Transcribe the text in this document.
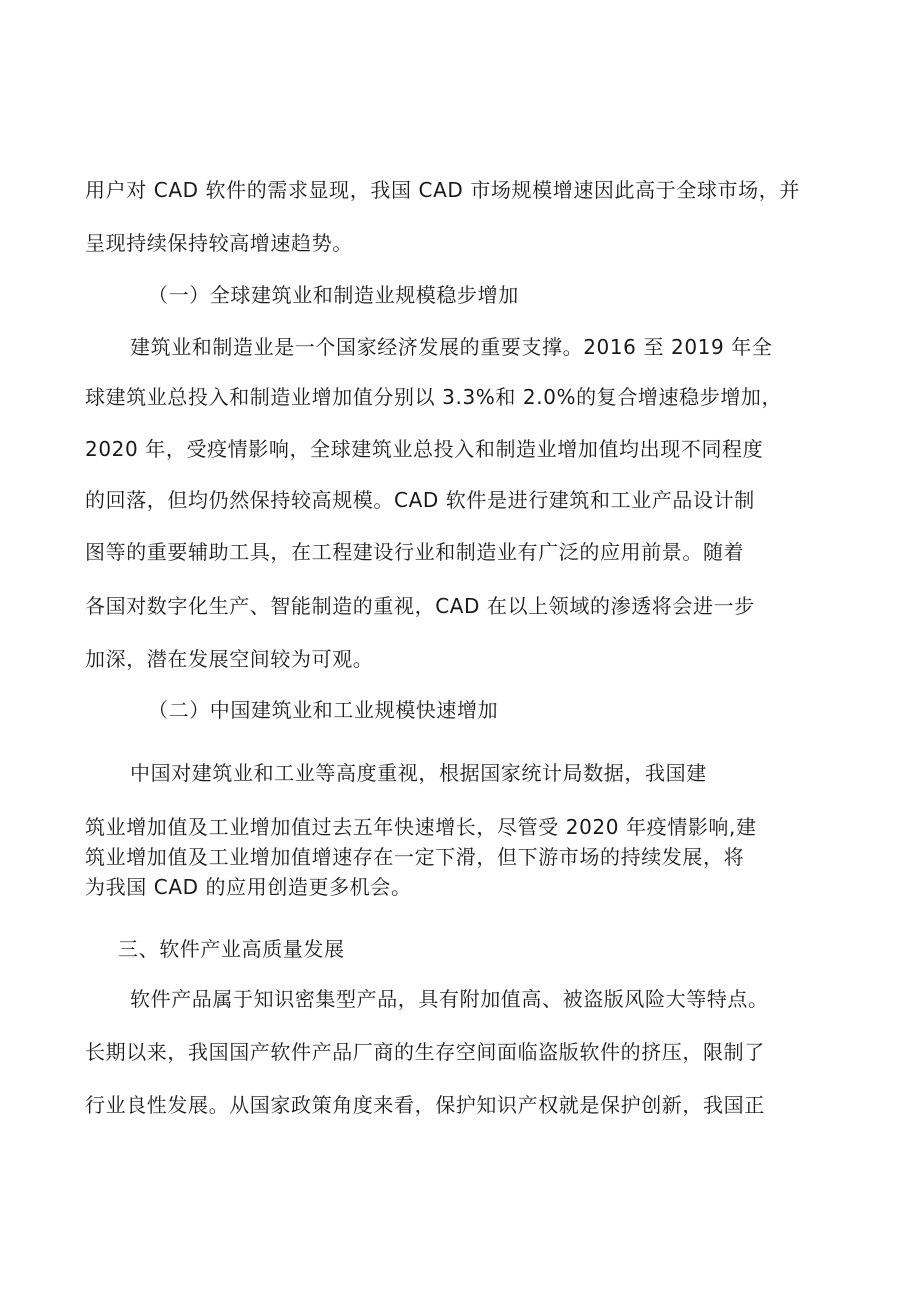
用户对 CAD 软件的需求显现，我国 CAD 市场规模增速因此高于全球市场，并
呈现持续保持较高增速趋势。
（一）全球建筑业和制造业规模稳步增加
建筑业和制造业是一个国家经济发展的重要支撑。2016 至 2019 年全
球建筑业总投入和制造业增加值分别以 3.3%和 2.0%的复合增速稳步增加，
2020 年，受疫情影响，全球建筑业总投入和制造业增加值均出现不同程度
的回落，但均仍然保持较高规模。CAD 软件是进行建筑和工业产品设计制
图等的重要辅助工具，在工程建设行业和制造业有广泛的应用前景。随着
各国对数字化生产、智能制造的重视，CAD 在以上领域的渗透将会进一步
加深，潜在发展空间较为可观。
（二）中国建筑业和工业规模快速增加
中国对建筑业和工业等高度重视，根据国家统计局数据，我国建
筑业增加值及工业增加值过去五年快速增长，尽管受 2020 年疫情影响,建
筑业增加值及工业增加值增速存在一定下滑，但下游市场的持续发展，将
为我国 CAD 的应用创造更多机会。
三、软件产业高质量发展
软件产品属于知识密集型产品，具有附加值高、被盗版风险大等特点。
长期以来，我国国产软件产品厂商的生存空间面临盗版软件的挤压，限制了
行业良性发展。从国家政策角度来看，保护知识产权就是保护创新，我国正
